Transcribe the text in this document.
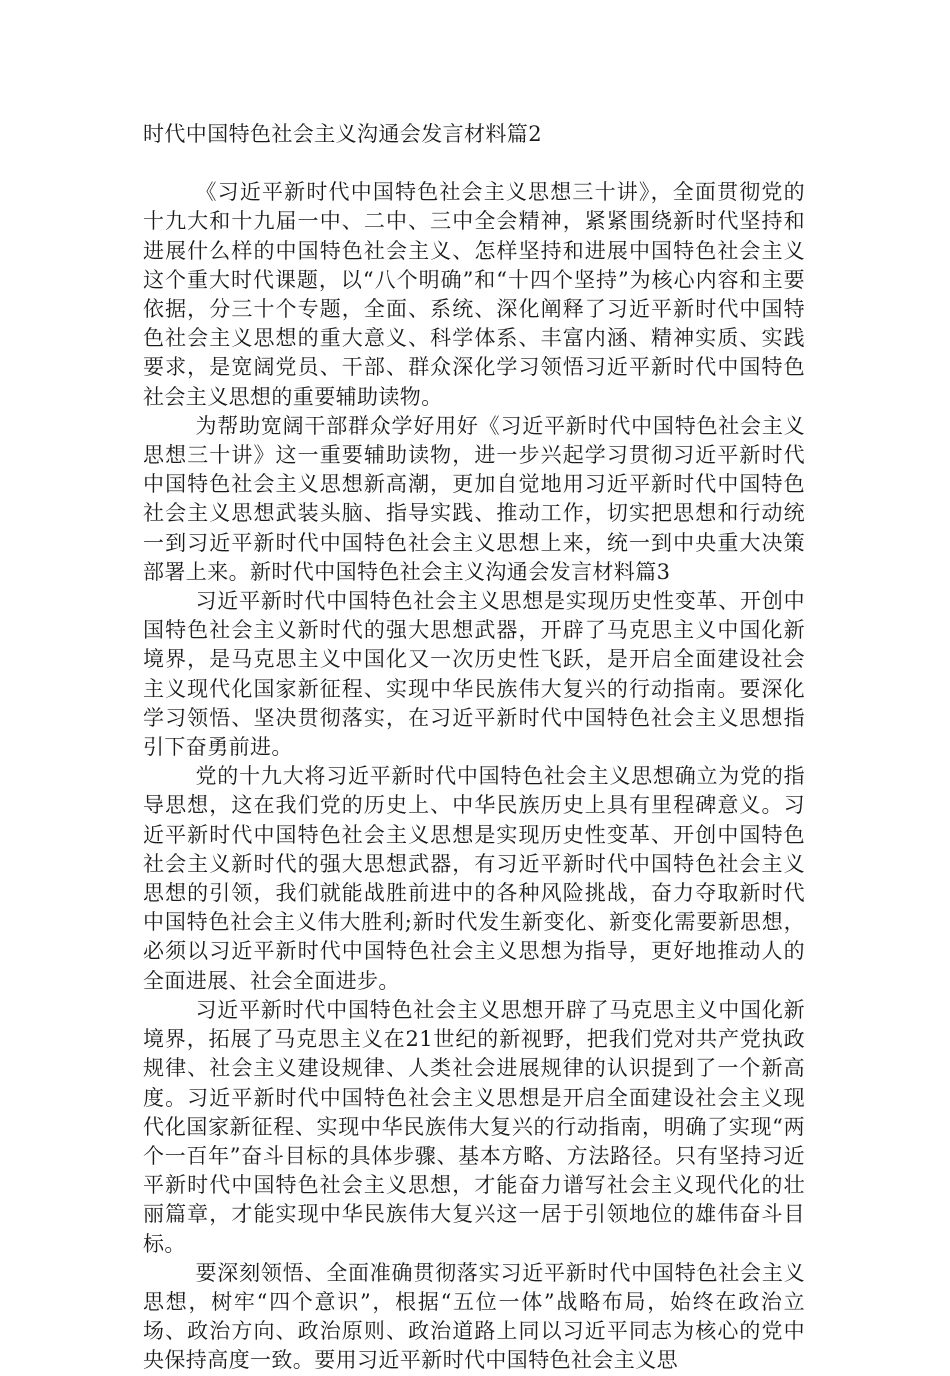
时代中国特色社会主义沟通会发言材料篇2

《习近平新时代中国特色社会主义思想三十讲》，全面贯彻党的十九大和十九届一中、二中、三中全会精神，紧紧围绕新时代坚持和进展什么样的中国特色社会主义、怎样坚持和进展中国特色社会主义这个重大时代课题，以“八个明确”和“十四个坚持”为核心内容和主要依据，分三十个专题，全面、系统、深化阐释了习近平新时代中国特色社会主义思想的重大意义、科学体系、丰富内涵、精神实质、实践要求，是宽阔党员、干部、群众深化学习领悟习近平新时代中国特色社会主义思想的重要辅助读物。

为帮助宽阔干部群众学好用好《习近平新时代中国特色社会主义思想三十讲》这一重要辅助读物，进一步兴起学习贯彻习近平新时代中国特色社会主义思想新高潮，更加自觉地用习近平新时代中国特色社会主义思想武装头脑、指导实践、推动工作，切实把思想和行动统一到习近平新时代中国特色社会主义思想上来，统一到中央重大决策部署上来。新时代中国特色社会主义沟通会发言材料篇3

习近平新时代中国特色社会主义思想是实现历史性变革、开创中国特色社会主义新时代的强大思想武器，开辟了马克思主义中国化新境界，是马克思主义中国化又一次历史性飞跃，是开启全面建设社会主义现代化国家新征程、实现中华民族伟大复兴的行动指南。要深化学习领悟、坚决贯彻落实，在习近平新时代中国特色社会主义思想指引下奋勇前进。

党的十九大将习近平新时代中国特色社会主义思想确立为党的指导思想，这在我们党的历史上、中华民族历史上具有里程碑意义。习近平新时代中国特色社会主义思想是实现历史性变革、开创中国特色社会主义新时代的强大思想武器，有习近平新时代中国特色社会主义思想的引领，我们就能战胜前进中的各种风险挑战，奋力夺取新时代中国特色社会主义伟大胜利;新时代发生新变化、新变化需要新思想，必须以习近平新时代中国特色社会主义思想为指导，更好地推动人的全面进展、社会全面进步。

习近平新时代中国特色社会主义思想开辟了马克思主义中国化新境界，拓展了马克思主义在21世纪的新视野，把我们党对共产党执政规律、社会主义建设规律、人类社会进展规律的认识提到了一个新高度。习近平新时代中国特色社会主义思想是开启全面建设社会主义现代化国家新征程、实现中华民族伟大复兴的行动指南，明确了实现“两个一百年”奋斗目标的具体步骤、基本方略、方法路径。只有坚持习近平新时代中国特色社会主义思想，才能奋力谱写社会主义现代化的壮丽篇章，才能实现中华民族伟大复兴这一居于引领地位的雄伟奋斗目标。

要深刻领悟、全面准确贯彻落实习近平新时代中国特色社会主义思想，树牢“四个意识”，根据“五位一体”战略布局，始终在政治立场、政治方向、政治原则、政治道路上同以习近平同志为核心的党中央保持高度一致。要用习近平新时代中国特色社会主义思
